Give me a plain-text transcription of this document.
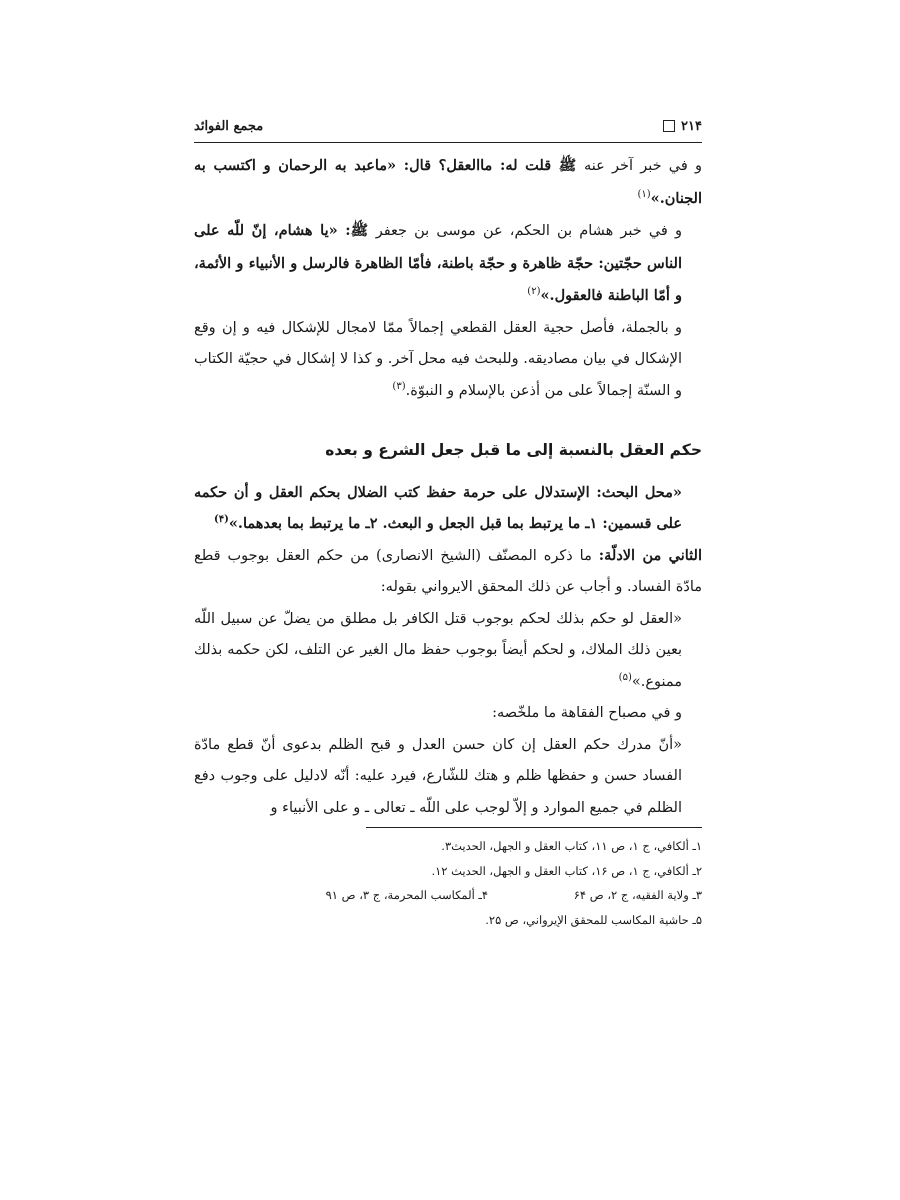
۲۱۴
مجمع الفوائد

و في خبر آخر عنه ﷺ قلت له: ماالعقل؟ قال: «ماعبد به الرحمان و اكتسب به الجنان.»$^{(۱)}$

و في خبر هشام بن الحكم، عن موسى بن جعفر ﷺ: «يا هشام، إنّ للّه على الناس حجّتين: حجّة ظاهرة و حجّة باطنة، فأمّا الظاهرة فالرسل و الأنبياء و الأئمة، و أمّا الباطنة فالعقول.»$^{(۲)}$

و بالجملة، فأصل حجية العقل القطعي إجمالاً ممّا لامجال للإشكال فيه و إن وقع الإشكال في بيان مصاديقه. وللبحث فيه محل آخر. و كذا لا إشكال في حجيّة الكتاب و السنّة إجمالاً على من أذعن بالإسلام و النبوّة.$^{(۳)}$

حكم العقل بالنسبة إلى ما قبل جعل الشرع و بعده

«محل البحث: الإستدلال على حرمة حفظ كتب الضلال بحكم العقل و أن حكمه على قسمين: ۱ـ ما يرتبط بما قبل الجعل و البعث. ۲ـ ما يرتبط بما بعدهما.»$^{(۴)}$

الثاني من الادلّة: ما ذكره المصنّف (الشيخ الانصارى) من حكم العقل بوجوب قطع مادّة الفساد. و أجاب عن ذلك المحقق الايرواني بقوله:

«العقل لو حكم بذلك لحكم بوجوب قتل الكافر بل مطلق من يضلّ عن سبيل اللّه بعين ذلك الملاك، و لحكم أيضاً بوجوب حفظ مال الغير عن التلف، لكن حكمه بذلك ممنوع.»$^{(۵)}$

و في مصباح الفقاهة ما ملخّصه:

«أنّ مدرك حكم العقل إن كان حسن العدل و قبح الظلم بدعوى أنّ قطع مادّة الفساد حسن و حفظها ظلم و هتك للشّارع، فيرد عليه: أنّه لادليل على وجوب دفع الظلم في جميع الموارد و إلاّ لوجب على اللّه ـ تعالى ـ و على الأنبياء و

۱ـ ألكافي، ج ۱، ص ۱۱، كتاب العقل و الجهل، الحديث۳.
۲ـ ألكافي، ج ۱، ص ۱۶، كتاب العقل و الجهل، الحديث ۱۲.
۳ـ ولاية الفقيه، ج ۲، ص ۶۴
۴ـ ألمكاسب المحرمة، ج ۳، ص ۹۱
۵ـ حاشية المكاسب للمحقق الإيرواني، ص ۲۵.
